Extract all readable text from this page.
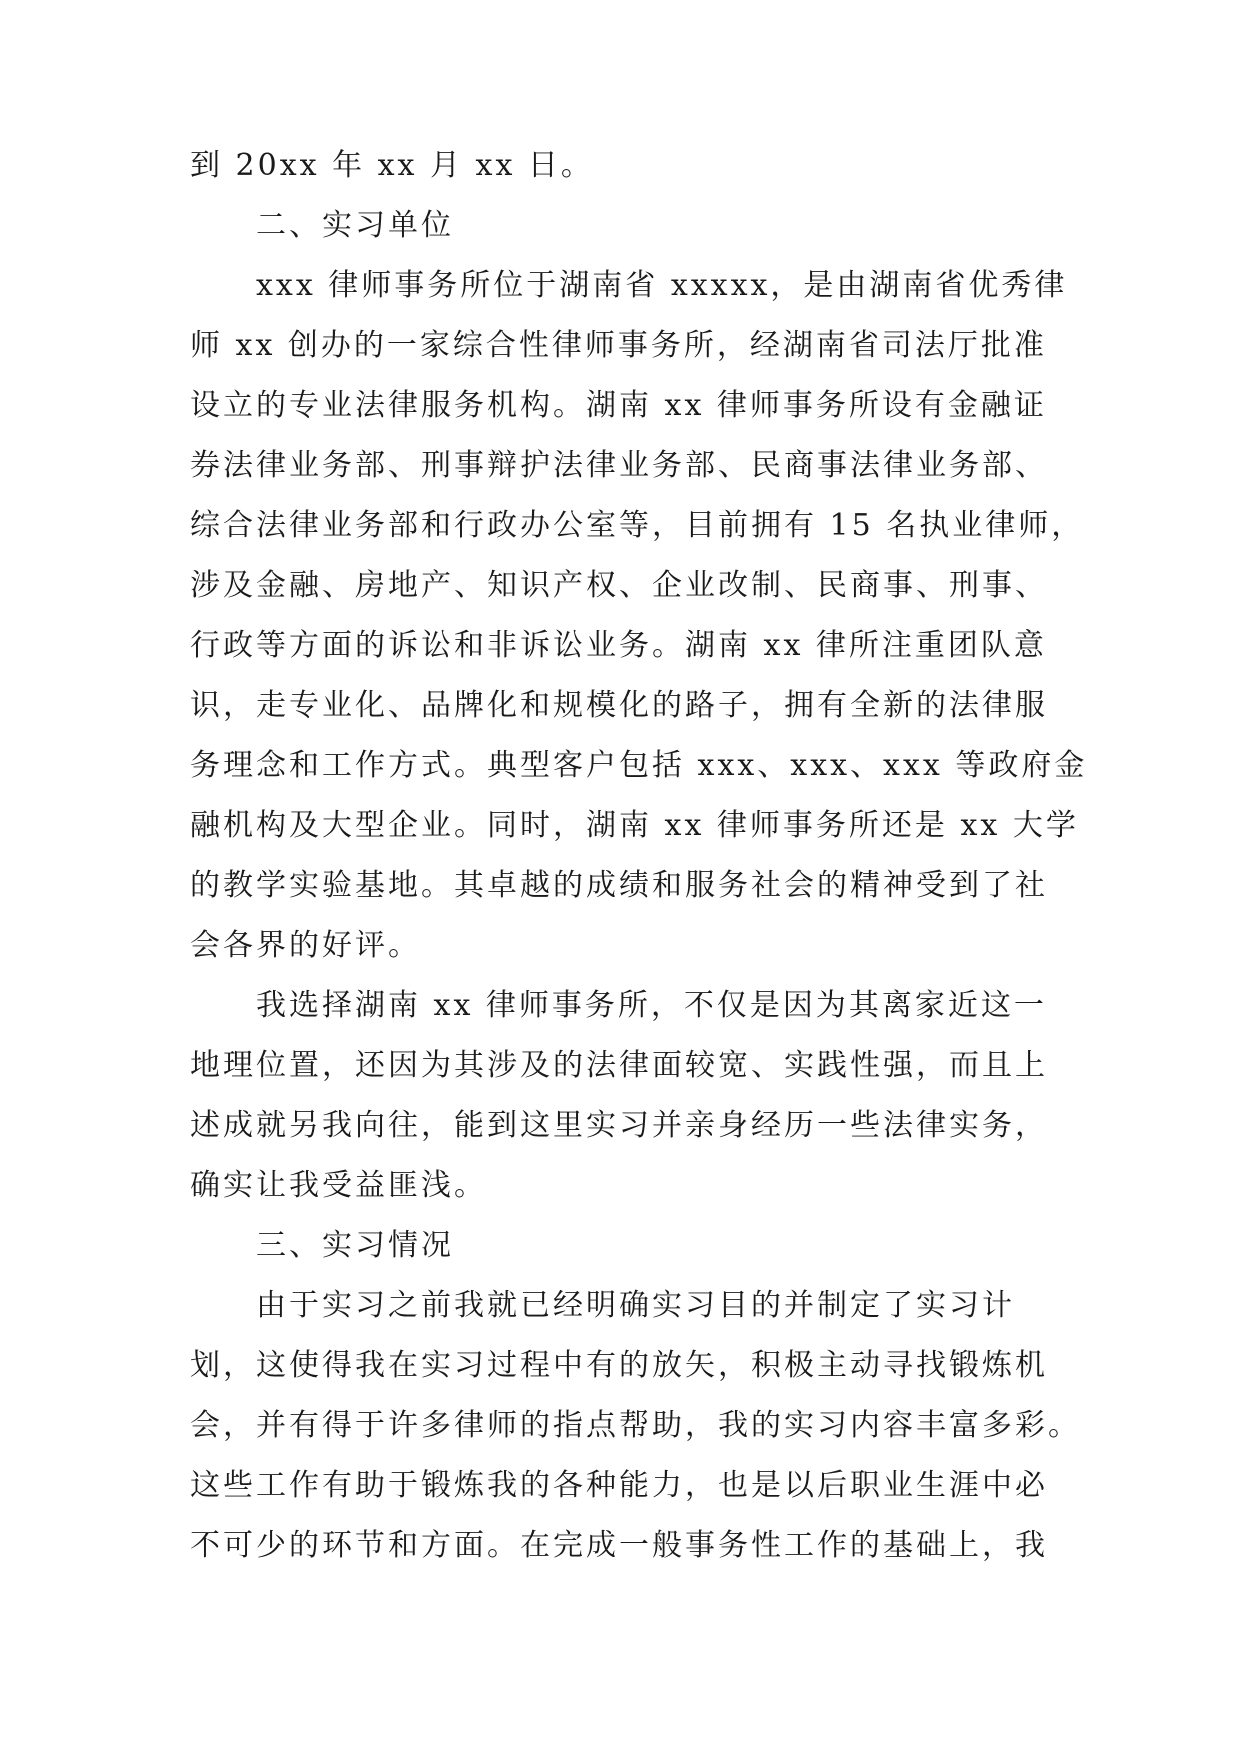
到 20xx 年 xx 月 xx 日。
二、实习单位
xxx 律师事务所位于湖南省 xxxxx，是由湖南省优秀律
师 xx 创办的一家综合性律师事务所，经湖南省司法厅批准
设立的专业法律服务机构。湖南 xx 律师事务所设有金融证
券法律业务部、刑事辩护法律业务部、民商事法律业务部、
综合法律业务部和行政办公室等，目前拥有 15 名执业律师，
涉及金融、房地产、知识产权、企业改制、民商事、刑事、
行政等方面的诉讼和非诉讼业务。湖南 xx 律所注重团队意
识，走专业化、品牌化和规模化的路子，拥有全新的法律服
务理念和工作方式。典型客户包括 xxx、xxx、xxx 等政府金
融机构及大型企业。同时，湖南 xx 律师事务所还是 xx 大学
的教学实验基地。其卓越的成绩和服务社会的精神受到了社
会各界的好评。
我选择湖南 xx 律师事务所，不仅是因为其离家近这一
地理位置，还因为其涉及的法律面较宽、实践性强，而且上
述成就另我向往，能到这里实习并亲身经历一些法律实务，
确实让我受益匪浅。
三、实习情况
由于实习之前我就已经明确实习目的并制定了实习计
划，这使得我在实习过程中有的放矢，积极主动寻找锻炼机
会，并有得于许多律师的指点帮助，我的实习内容丰富多彩。
这些工作有助于锻炼我的各种能力，也是以后职业生涯中必
不可少的环节和方面。在完成一般事务性工作的基础上，我
